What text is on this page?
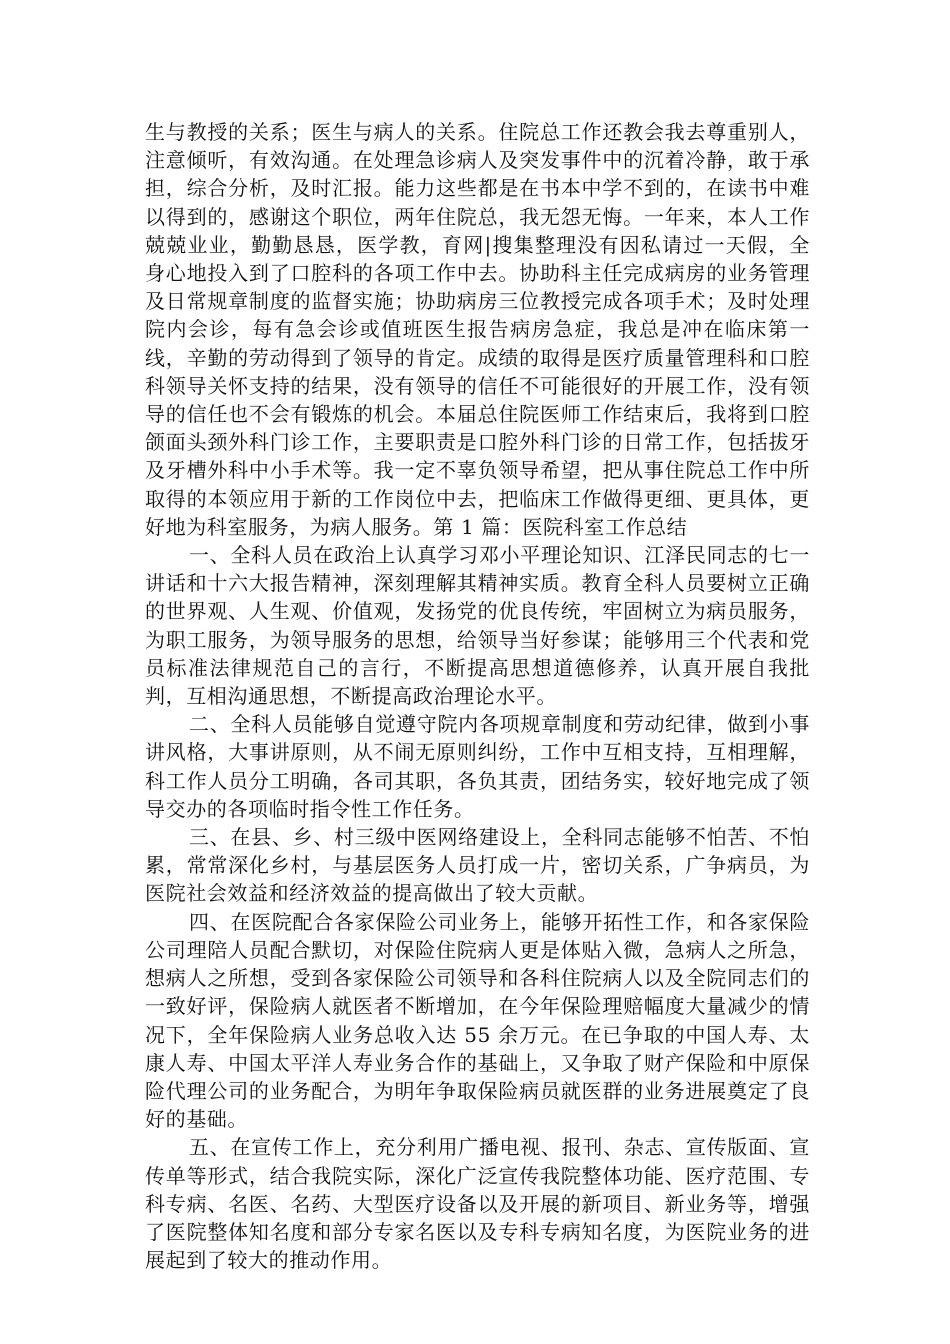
生与教授的关系；医生与病人的关系。住院总工作还教会我去尊重别人，注意倾听，有效沟通。在处理急诊病人及突发事件中的沉着冷静，敢于承担，综合分析，及时汇报。能力这些都是在书本中学不到的，在读书中难以得到的，感谢这个职位，两年住院总，我无怨无悔。一年来，本人工作兢兢业业，勤勤恳恳，医学教，育网|搜集整理没有因私请过一天假，全身心地投入到了口腔科的各项工作中去。协助科主任完成病房的业务管理及日常规章制度的监督实施；协助病房三位教授完成各项手术；及时处理院内会诊，每有急会诊或值班医生报告病房急症，我总是冲在临床第一线，辛勤的劳动得到了领导的肯定。成绩的取得是医疗质量管理科和口腔科领导关怀支持的结果，没有领导的信任不可能很好的开展工作，没有领导的信任也不会有锻炼的机会。本届总住院医师工作结束后，我将到口腔颌面头颈外科门诊工作，主要职责是口腔外科门诊的日常工作，包括拔牙及牙槽外科中小手术等。我一定不辜负领导希望，把从事住院总工作中所取得的本领应用于新的工作岗位中去，把临床工作做得更细、更具体，更好地为科室服务，为病人服务。第 1 篇：医院科室工作总结

一、全科人员在政治上认真学习邓小平理论知识、江泽民同志的七一讲话和十六大报告精神，深刻理解其精神实质。教育全科人员要树立正确的世界观、人生观、价值观，发扬党的优良传统，牢固树立为病员服务，为职工服务，为领导服务的思想，给领导当好参谋；能够用三个代表和党员标准法律规范自己的言行，不断提高思想道德修养，认真开展自我批判，互相沟通思想，不断提高政治理论水平。

二、全科人员能够自觉遵守院内各项规章制度和劳动纪律，做到小事讲风格，大事讲原则，从不闹无原则纠纷，工作中互相支持，互相理解，科工作人员分工明确，各司其职，各负其责，团结务实，较好地完成了领导交办的各项临时指令性工作任务。

三、在县、乡、村三级中医网络建设上，全科同志能够不怕苦、不怕累，常常深化乡村，与基层医务人员打成一片，密切关系，广争病员，为医院社会效益和经济效益的提高做出了较大贡献。

四、在医院配合各家保险公司业务上，能够开拓性工作，和各家保险公司理陪人员配合默切，对保险住院病人更是体贴入微，急病人之所急，想病人之所想，受到各家保险公司领导和各科住院病人以及全院同志们的一致好评，保险病人就医者不断增加，在今年保险理赔幅度大量减少的情况下，全年保险病人业务总收入达 55 余万元。在已争取的中国人寿、太康人寿、中国太平洋人寿业务合作的基础上，又争取了财产保险和中原保险代理公司的业务配合，为明年争取保险病员就医群的业务进展奠定了良好的基础。

五、在宣传工作上，充分利用广播电视、报刊、杂志、宣传版面、宣传单等形式，结合我院实际，深化广泛宣传我院整体功能、医疗范围、专科专病、名医、名药、大型医疗设备以及开展的新项目、新业务等，增强了医院整体知名度和部分专家名医以及专科专病知名度，为医院业务的进展起到了较大的推动作用。
